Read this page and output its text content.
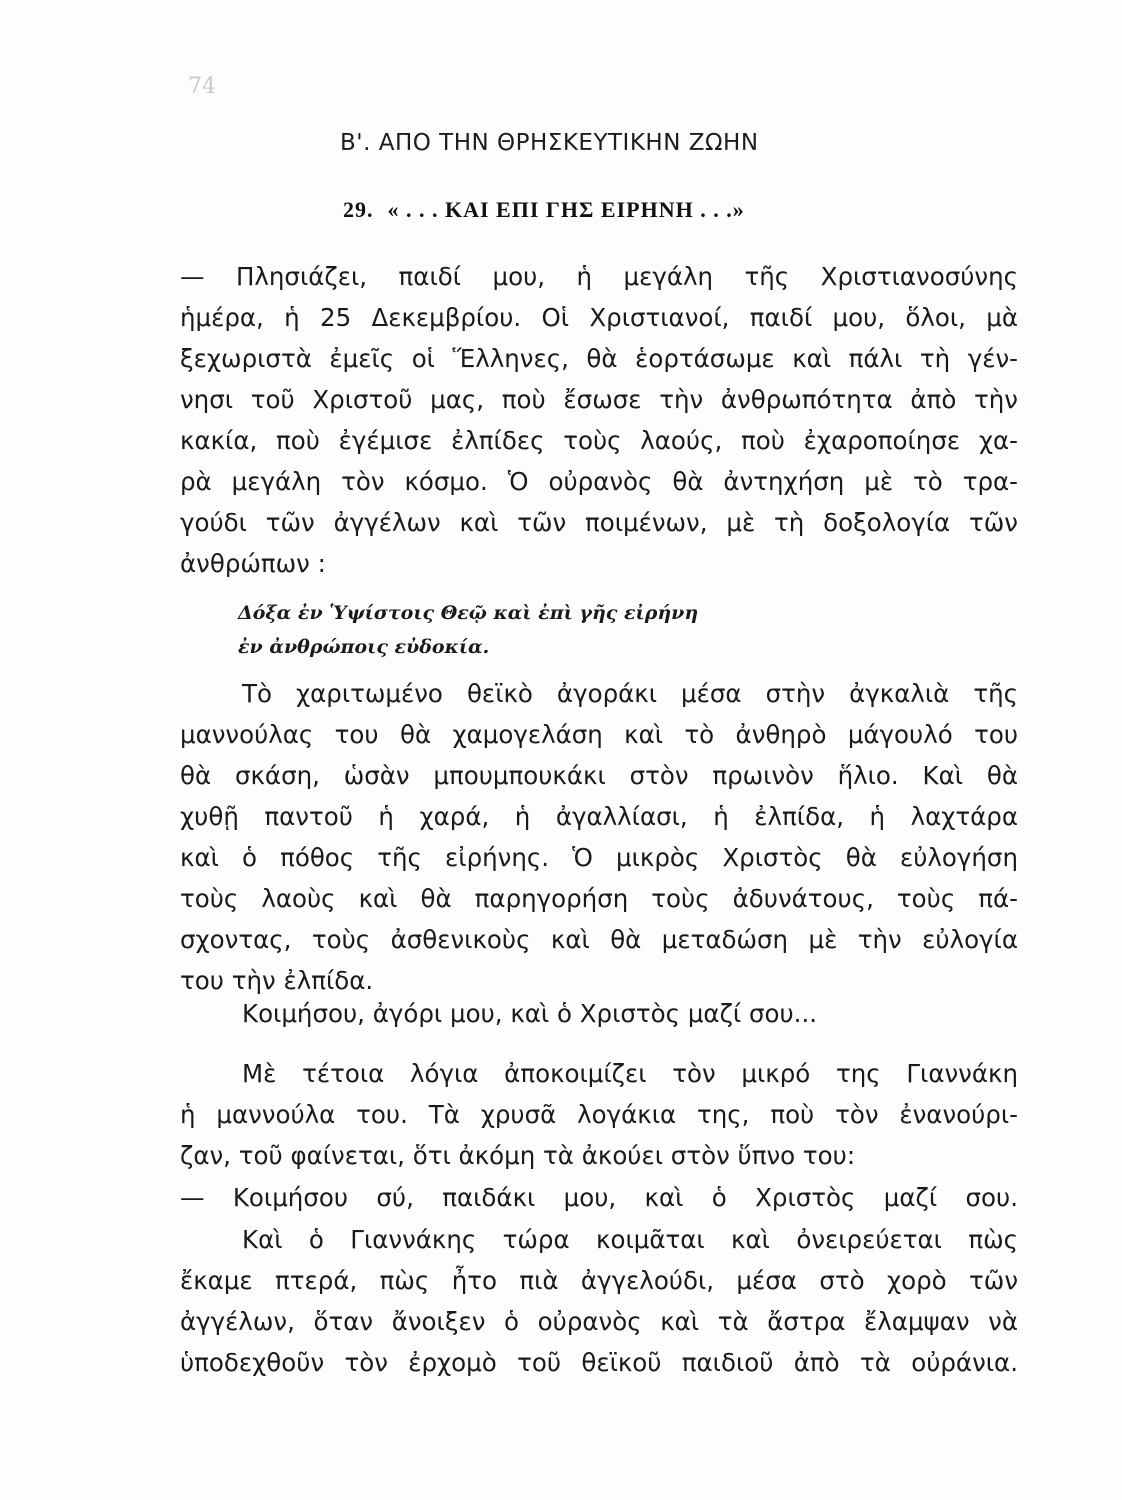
74
Β'. ΑΠΟ ΤΗΝ ΘΡΗΣΚΕΥΤΙΚΗΝ ΖΩΗΝ
29. « . . . ΚΑΙ ΕΠΙ ΓΗΣ ΕΙΡΗΝΗ . . .»
— Πλησιάζει, παιδί μου, ἡ μεγάλη τῆς Χριστιανοσύνης
ἡμέρα, ἡ 25 Δεκεμβρίου. Οἱ Χριστιανοί, παιδί μου, ὅλοι, μὰ
ξεχωριστὰ ἐμεῖς οἱ Ἕλληνες, θὰ ἑορτάσωμε καὶ πάλι τὴ γέν-
νησι τοῦ Χριστοῦ μας, ποὺ ἔσωσε τὴν ἀνθρωπότητα ἀπὸ τὴν
κακία, ποὺ ἐγέμισε ἐλπίδες τοὺς λαούς, ποὺ ἐχαροποίησε χα-
ρὰ μεγάλη τὸν κόσμο. Ὁ οὐρανὸς θὰ ἀντηχήση μὲ τὸ τρα-
γούδι τῶν ἀγγέλων καὶ τῶν ποιμένων, μὲ τὴ δοξολογία τῶν
ἀνθρώπων :
Δόξα ἐν Ὑψίστοις Θεῷ καὶ ἐπὶ γῆς εἰρήνη
ἐν ἀνθρώποις εὐδοκία.
Τὸ χαριτωμένο θεϊκὸ ἀγοράκι μέσα στὴν ἀγκαλιὰ τῆς
μαννούλας του θὰ χαμογελάση καὶ τὸ ἀνθηρὸ μάγουλό του
θὰ σκάση, ὡσὰν μπουμπουκάκι στὸν πρωινὸν ἥλιο. Καὶ θὰ
χυθῇ παντοῦ ἡ χαρά, ἡ ἀγαλλίασι, ἡ ἐλπίδα, ἡ λαχτάρα
καὶ ὁ πόθος τῆς εἰρήνης. Ὁ μικρὸς Χριστὸς θὰ εὐλογήση
τοὺς λαοὺς καὶ θὰ παρηγορήση τοὺς ἀδυνάτους, τοὺς πά-
σχοντας, τοὺς ἀσθενικοὺς καὶ θὰ μεταδώση μὲ τὴν εὐλογία
του τὴν ἐλπίδα.
Κοιμήσου, ἀγόρι μου, καὶ ὁ Χριστὸς μαζί σου...
Μὲ τέτοια λόγια ἀποκοιμίζει τὸν μικρό της Γιαννάκη
ἡ μαννούλα του. Τὰ χρυσᾶ λογάκια της, ποὺ τὸν ἐνανούρι-
ζαν, τοῦ φαίνεται, ὅτι ἀκόμη τὰ ἀκούει στὸν ὕπνο του:
— Κοιμήσου σύ, παιδάκι μου, καὶ ὁ Χριστὸς μαζί σου.
Καὶ ὁ Γιαννάκης τώρα κοιμᾶται καὶ ὀνειρεύεται πὼς
ἔκαμε πτερά, πὼς ἦτο πιὰ ἀγγελούδι, μέσα στὸ χορὸ τῶν
ἀγγέλων, ὅταν ἄνοιξεν ὁ οὐρανὸς καὶ τὰ ἄστρα ἔλαμψαν νὰ
ὑποδεχθοῦν τὸν ἐρχομὸ τοῦ θεϊκοῦ παιδιοῦ ἀπὸ τὰ οὐράνια.
